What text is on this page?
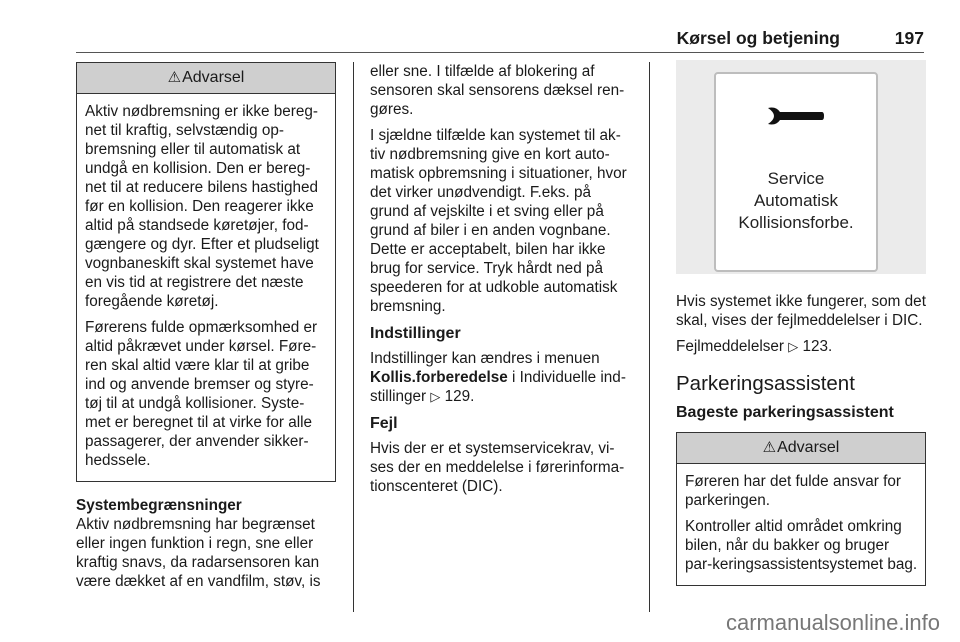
Kørsel og betjening	197
⚠Advarsel

Aktiv nødbremsning er ikke bereg-net til kraftig, selvstændig op-bremsning eller til automatisk at undgå en kollision. Den er bereg-net til at reducere bilens hastighed før en kollision. Den reagerer ikke altid på standsede køretøjer, fod-gængere og dyr. Efter et pludseligt vognbaneskift skal systemet have en vis tid at registrere det næste foregående køretøj.

Førerens fulde opmærksomhed er altid påkrævet under kørsel. Føre-ren skal altid være klar til at gribe ind og anvende bremser og styre-tøj til at undgå kollisioner. Syste-met er beregnet til at virke for alle passagerer, der anvender sikker-hedssele.

Systembegrænsninger
Aktiv nødbremsning har begrænset eller ingen funktion i regn, sne eller kraftig snavs, da radarsensoren kan være dækket af en vandfilm, støv, is

eller sne. I tilfælde af blokering af sensoren skal sensorens dæksel ren-gøres.

I sjældne tilfælde kan systemet til ak-tiv nødbremsning give en kort auto-matisk opbremsning i situationer, hvor det virker unødvendigt. F.eks. på grund af vejskilte i et sving eller på grund af biler i en anden vognbane. Dette er acceptabelt, bilen har ikke brug for service. Tryk hårdt ned på speederen for at udkoble automatisk bremsning.

Indstillinger

Indstillinger kan ændres i menuen Kollis.forberedelse i Individuelle ind-stillinger ▷ 129.

Fejl

Hvis der er et systemservicekrav, vi-ses der en meddelelse i førerinforma-tionscenteret (DIC).

Service
Automatisk
Kollisionsforbe.

Hvis systemet ikke fungerer, som det skal, vises der fejlmeddelelser i DIC.

Fejlmeddelelser ▷ 123.

Parkeringsassistent
Bageste parkeringsassistent
⚠Advarsel

Føreren har det fulde ansvar for parkeringen.

Kontroller altid området omkring bilen, når du bakker og bruger par-keringsassistentsystemet bag.

carmanualsonline.info
